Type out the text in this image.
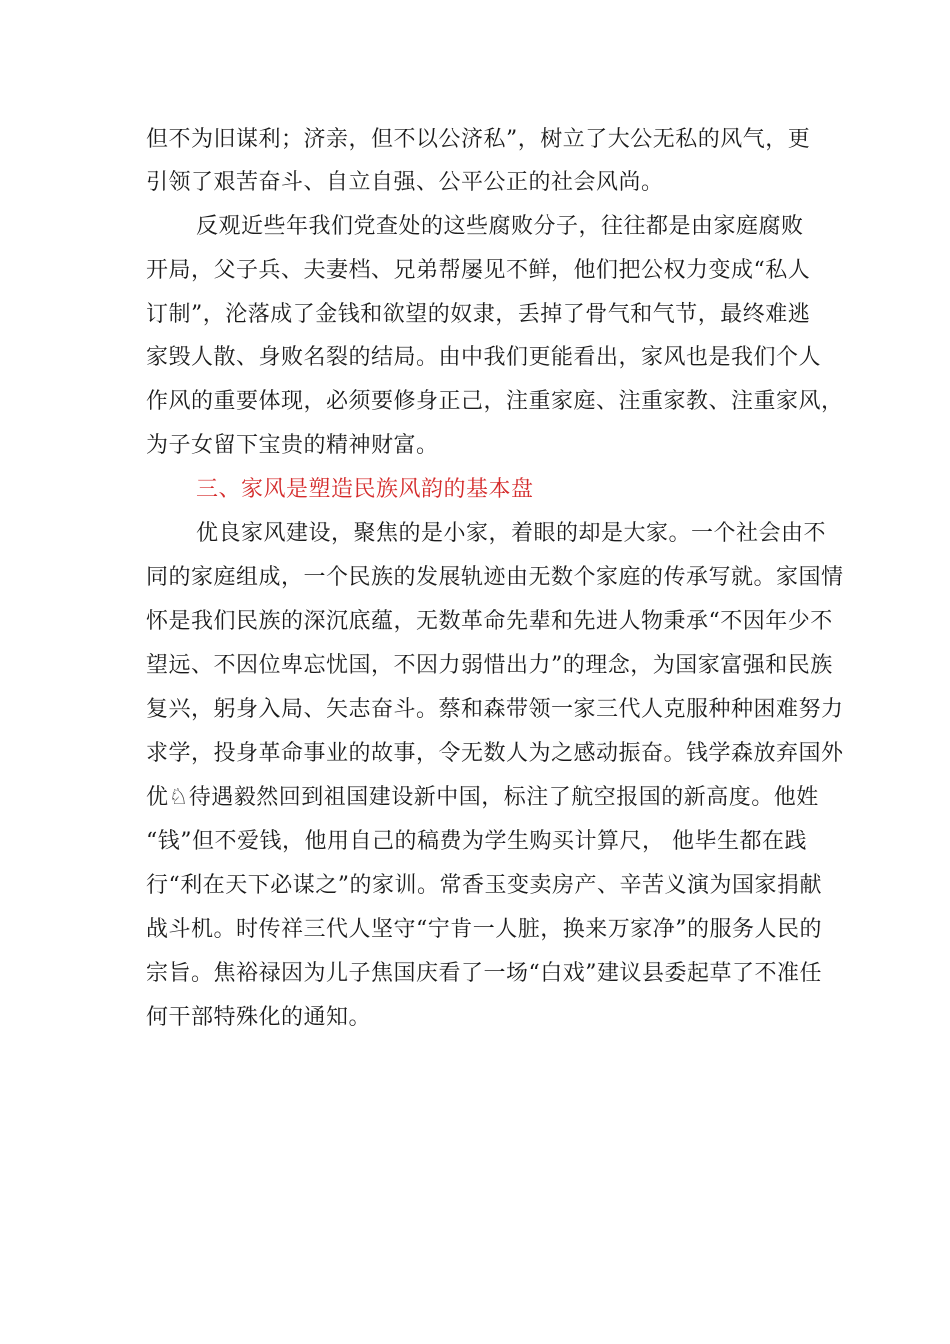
但不为旧谋利；济亲，但不以公济私”，树立了大公无私的风气，更
引领了艰苦奋斗、自立自强、公平公正的社会风尚。
反观近些年我们党查处的这些腐败分子，往往都是由家庭腐败
开局，父子兵、夫妻档、兄弟帮屡见不鲜，他们把公权力变成“私人
订制”，沦落成了金钱和欲望的奴隶，丢掉了骨气和气节，最终难逃
家毁人散、身败名裂的结局。由中我们更能看出，家风也是我们个人
作风的重要体现，必须要修身正己，注重家庭、注重家教、注重家风，
为子女留下宝贵的精神财富。
三、家风是塑造民族风韵的基本盘
优良家风建设，聚焦的是小家，着眼的却是大家。一个社会由不
同的家庭组成，一个民族的发展轨迹由无数个家庭的传承写就。家国情
怀是我们民族的深沉底蕴，无数革命先辈和先进人物秉承“不因年少不
望远、不因位卑忘忧国，不因力弱惜出力”的理念，为国家富强和民族
复兴，躬身入局、矢志奋斗。蔡和森带领一家三代人克服种种困难努力
求学，投身革命事业的故事，令无数人为之感动振奋。钱学森放弃国外
优♘待遇毅然回到祖国建设新中国，标注了航空报国的新高度。他姓
“钱”但不爱钱，他用自己的稿费为学生购买计算尺， 他毕生都在践
行“利在天下必谋之”的家训。常香玉变卖房产、辛苦义演为国家捐献
战斗机。时传祥三代人坚守“宁肯一人脏，换来万家净”的服务人民的
宗旨。焦裕禄因为儿子焦国庆看了一场“白戏”建议县委起草了不准任
何干部特殊化的通知。
